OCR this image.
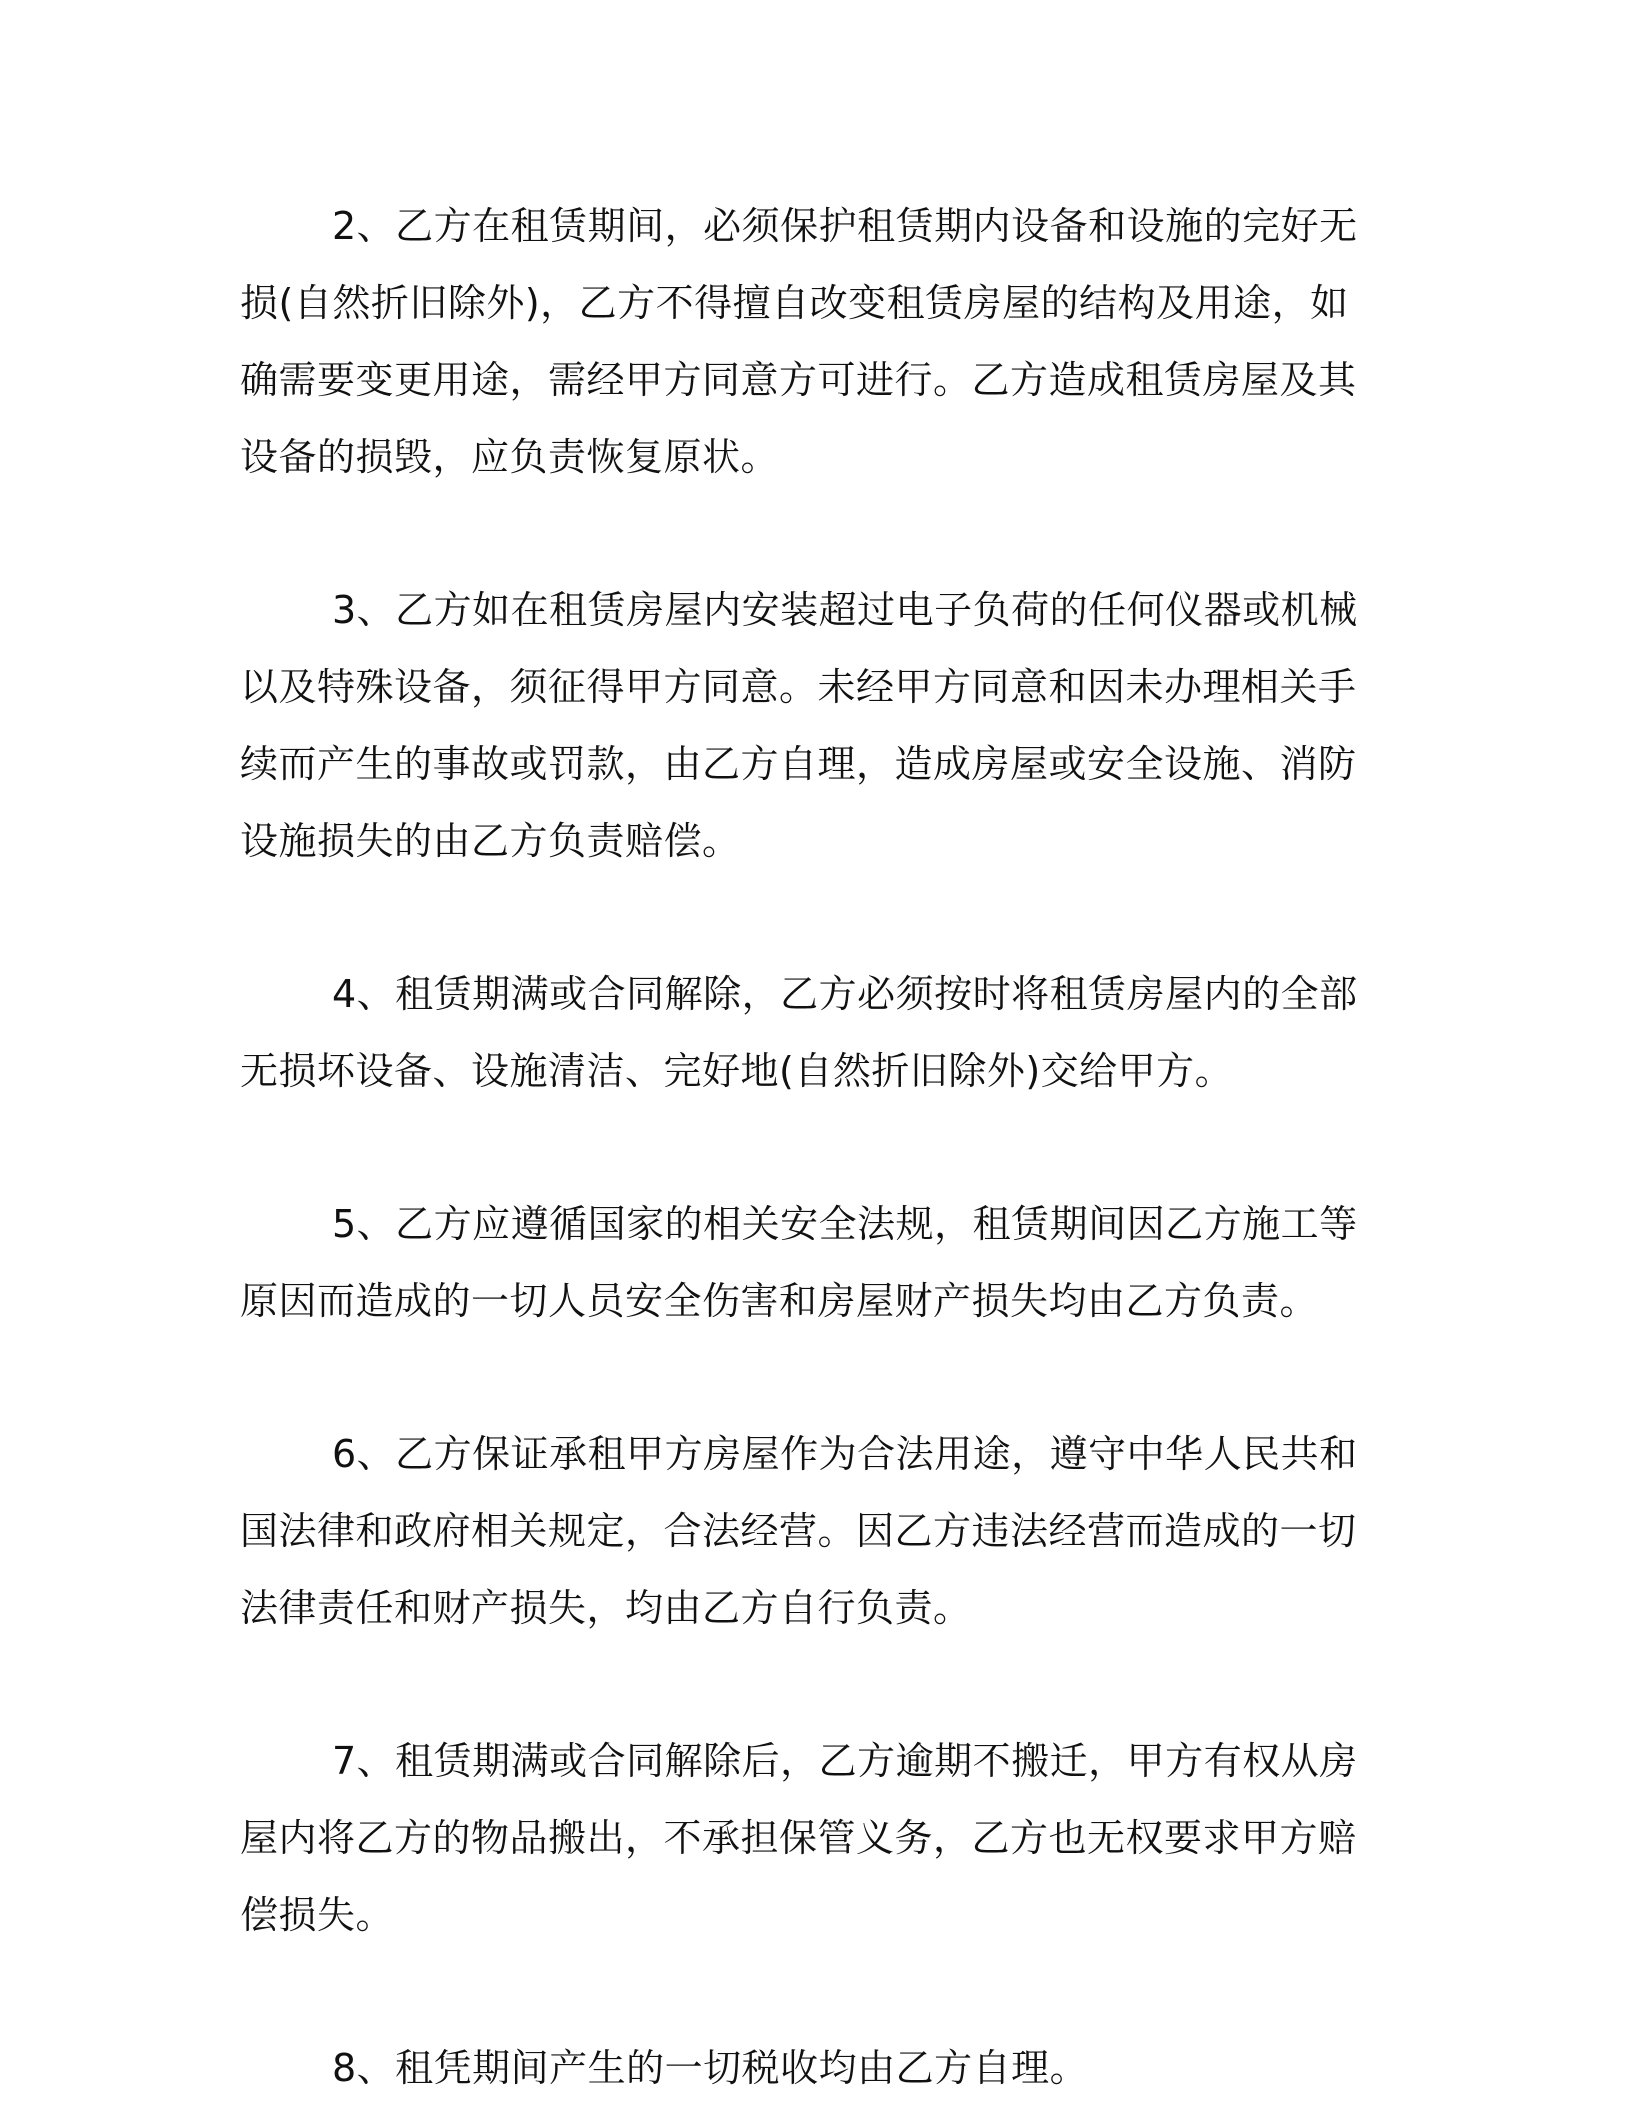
2、乙方在租赁期间，必须保护租赁期内设备和设施的完好无损(自然折旧除外)，乙方不得擅自改变租赁房屋的结构及用途，如确需要变更用途，需经甲方同意方可进行。乙方造成租赁房屋及其设备的损毁，应负责恢复原状。

3、乙方如在租赁房屋内安装超过电子负荷的任何仪器或机械以及特殊设备，须征得甲方同意。未经甲方同意和因未办理相关手续而产生的事故或罚款，由乙方自理，造成房屋或安全设施、消防设施损失的由乙方负责赔偿。

4、租赁期满或合同解除，乙方必须按时将租赁房屋内的全部无损坏设备、设施清洁、完好地(自然折旧除外)交给甲方。

5、乙方应遵循国家的相关安全法规，租赁期间因乙方施工等原因而造成的一切人员安全伤害和房屋财产损失均由乙方负责。

6、乙方保证承租甲方房屋作为合法用途，遵守中华人民共和国法律和政府相关规定，合法经营。因乙方违法经营而造成的一切法律责任和财产损失，均由乙方自行负责。

7、租赁期满或合同解除后，乙方逾期不搬迁，甲方有权从房屋内将乙方的物品搬出，不承担保管义务，乙方也无权要求甲方赔偿损失。

8、租凭期间产生的一切税收均由乙方自理。
